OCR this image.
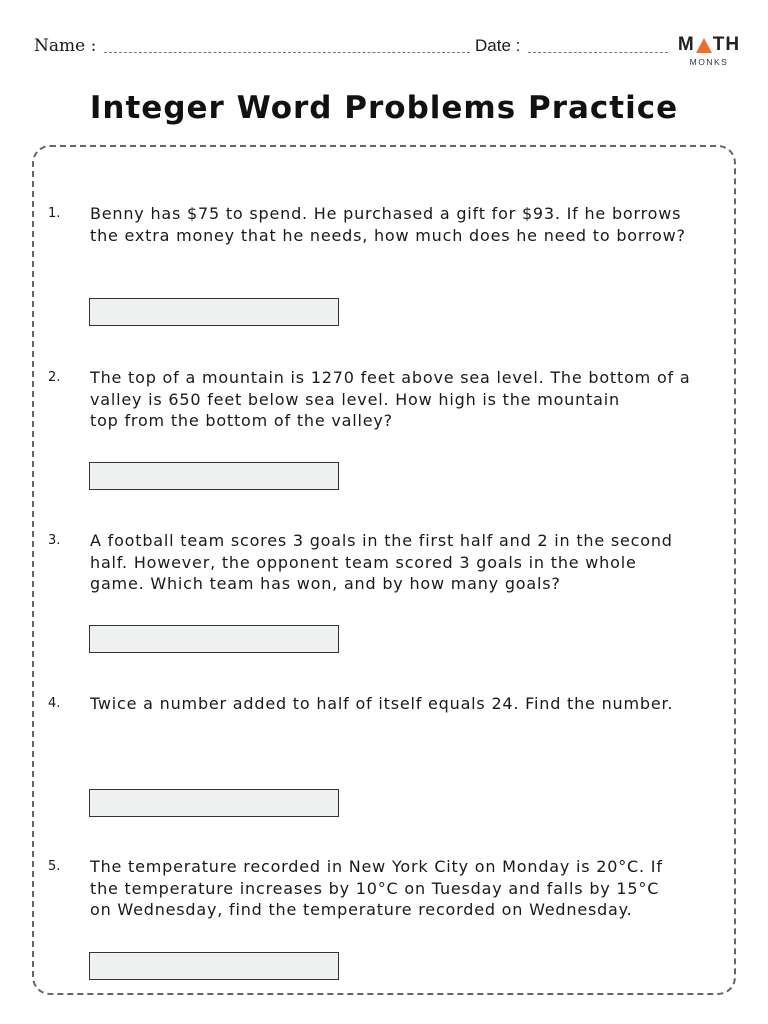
Name :	Date :	M TH
MONKS
Integer Word Problems Practice
1. Benny has $75 to spend. He purchased a gift for $93. If he borrows
the extra money that he needs, how much does he need to borrow?
2. The top of a mountain is 1270 feet above sea level. The bottom of a
valley is 650 feet below sea level. How high is the mountain
top from the bottom of the valley?
3. A football team scores 3 goals in the first half and 2 in the second
half. However, the opponent team scored 3 goals in the whole
game. Which team has won, and by how many goals?
4. Twice a number added to half of itself equals 24. Find the number.
5. The temperature recorded in New York City on Monday is 20°C. If
the temperature increases by 10°C on Tuesday and falls by 15°C
on Wednesday, find the temperature recorded on Wednesday.
